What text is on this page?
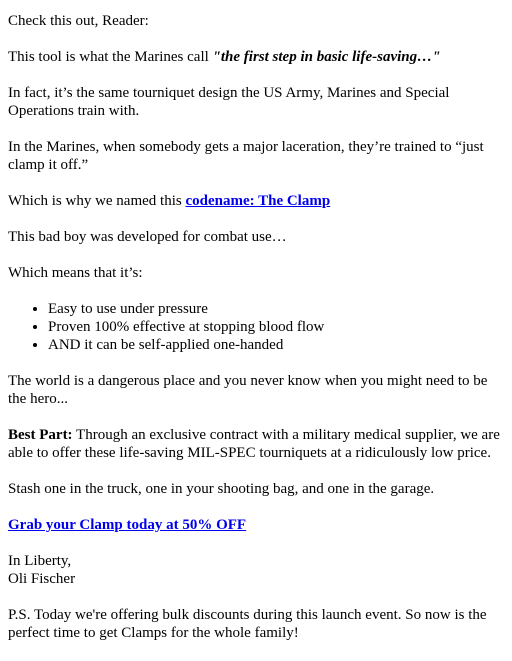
Check this out, Reader:

This tool is what the Marines call "the first step in basic life-saving…"

In fact, it’s the same tourniquet design the US Army, Marines and Special Operations train with.

In the Marines, when somebody gets a major laceration, they’re trained to “just clamp it off.”

Which is why we named this codename: The Clamp

This bad boy was developed for combat use…

Which means that it’s:

• Easy to use under pressure
• Proven 100% effective at stopping blood flow
• AND it can be self-applied one-handed

The world is a dangerous place and you never know when you might need to be the hero...

Best Part: Through an exclusive contract with a military medical supplier, we are able to offer these life-saving MIL-SPEC tourniquets at a ridiculously low price.

Stash one in the truck, one in your shooting bag, and one in the garage.

Grab your Clamp today at 50% OFF

In Liberty,
Oli Fischer

P.S. Today we're offering bulk discounts during this launch event. So now is the perfect time to get Clamps for the whole family!
